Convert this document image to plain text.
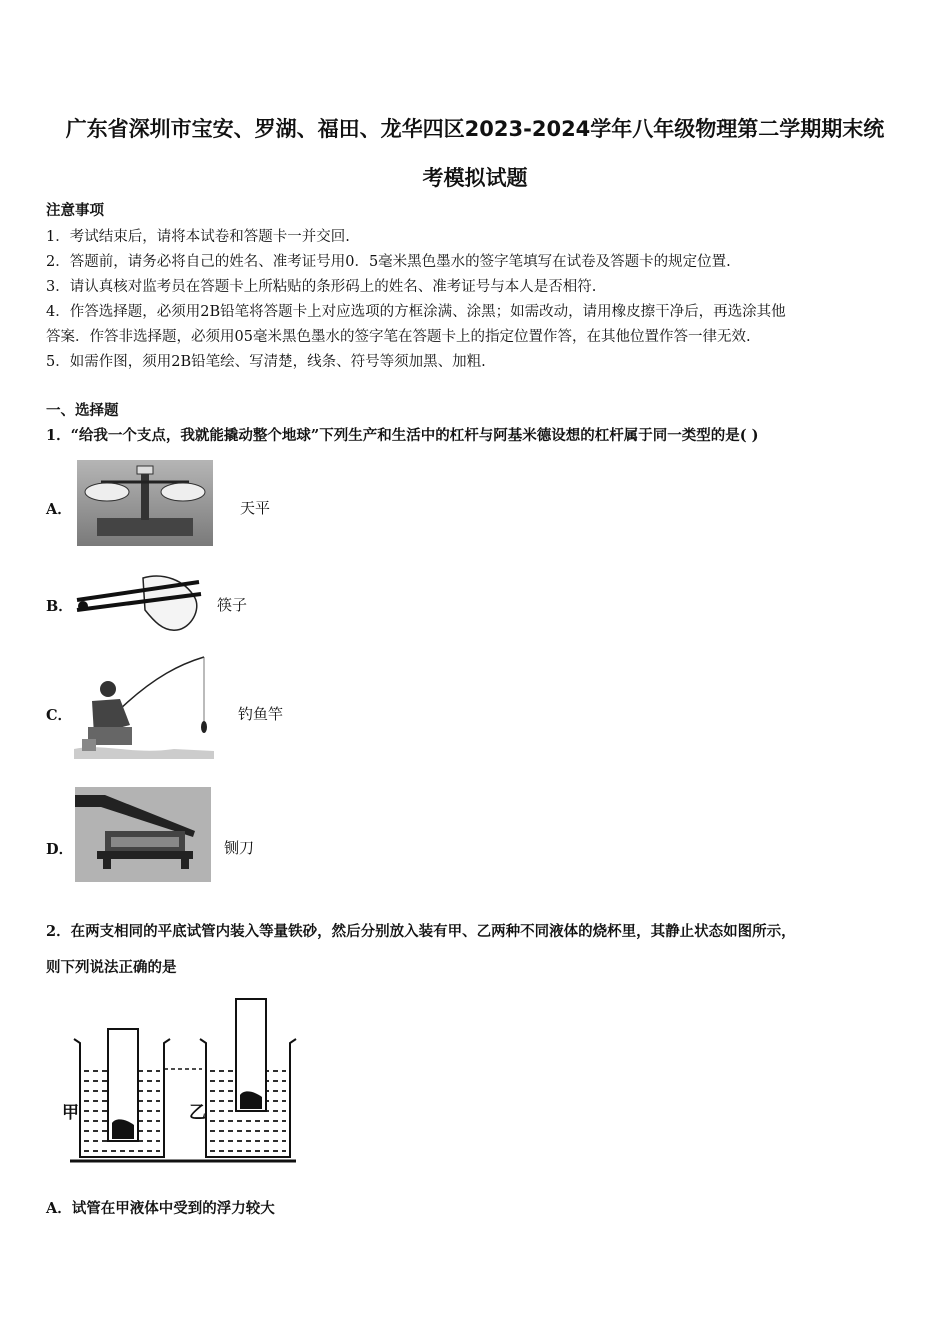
广东省深圳市宝安、罗湖、福田、龙华四区2023-2024学年八年级物理第二学期期末统
考模拟试题
注意事项
1．考试结束后，请将本试卷和答题卡一并交回.
2．答题前，请务必将自己的姓名、准考证号用0．5毫米黑色墨水的签字笔填写在试卷及答题卡的规定位置.
3．请认真核对监考员在答题卡上所粘贴的条形码上的姓名、准考证号与本人是否相符.
4．作答选择题，必须用2B铅笔将答题卡上对应选项的方框涂满、涂黑；如需改动，请用橡皮擦干净后，再选涂其他
答案．作答非选择题，必须用05毫米黑色墨水的签字笔在答题卡上的指定位置作答，在其他位置作答一律无效.
5．如需作图，须用2B铅笔绘、写清楚，线条、符号等须加黑、加粗.
一、选择题
1．“给我一个支点，我就能撬动整个地球”下列生产和生活中的杠杆与阿基米德设想的杠杆属于同一类型的是( )
A．	天平
B．	筷子
C．	钓鱼竿
D．	铡刀
2．在两支相同的平底试管内装入等量铁砂，然后分别放入装有甲、乙两种不同液体的烧杯里，其静止状态如图所示，
则下列说法正确的是
甲	乙
A．试管在甲液体中受到的浮力较大
